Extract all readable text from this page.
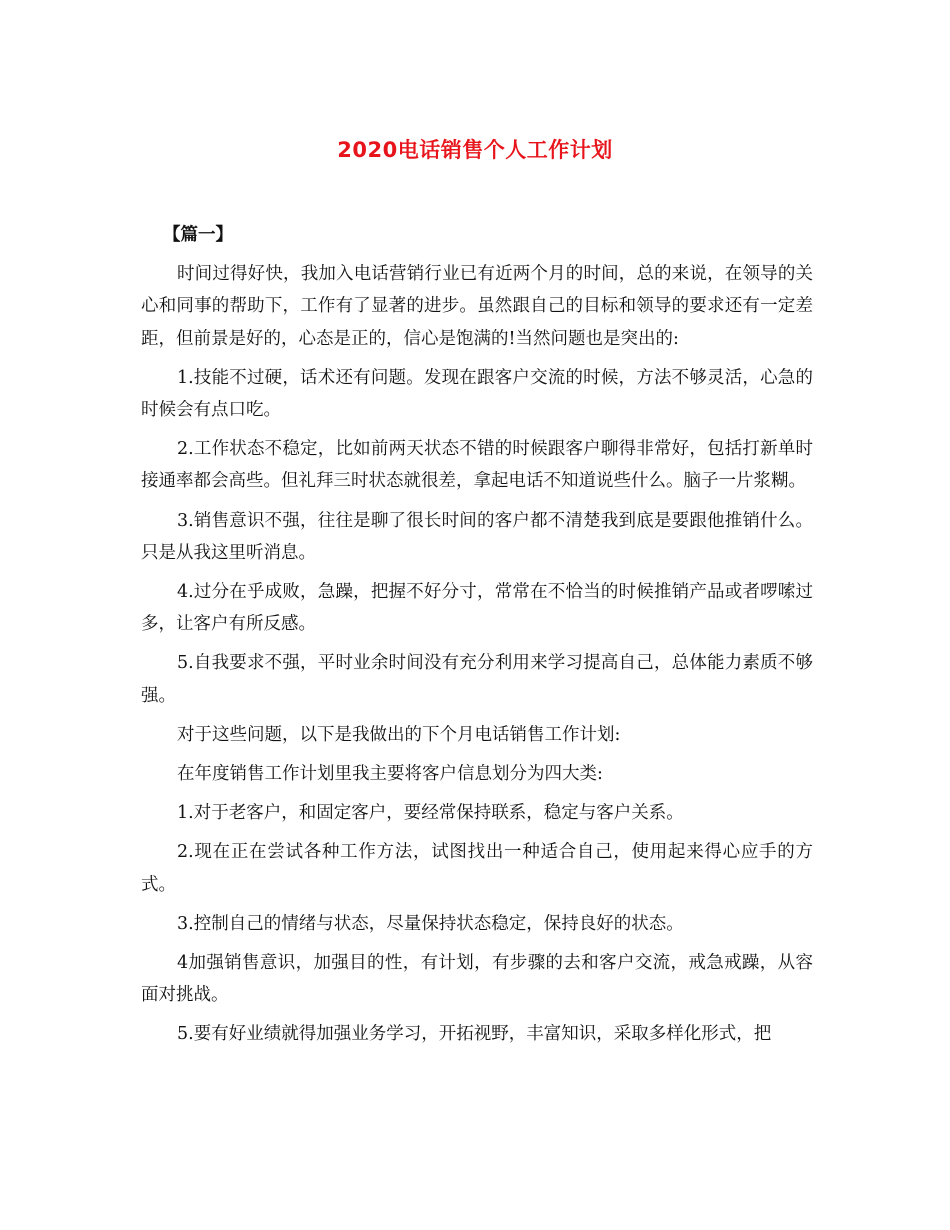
2020电话销售个人工作计划

【篇一】

时间过得好快，我加入电话营销行业已有近两个月的时间，总的来说，在领导的关心和同事的帮助下，工作有了显著的进步。虽然跟自己的目标和领导的要求还有一定差距，但前景是好的，心态是正的，信心是饱满的!当然问题也是突出的:

1.技能不过硬，话术还有问题。发现在跟客户交流的时候，方法不够灵活，心急的时候会有点口吃。

2.工作状态不稳定，比如前两天状态不错的时候跟客户聊得非常好，包括打新单时接通率都会高些。但礼拜三时状态就很差，拿起电话不知道说些什么。脑子一片浆糊。

3.销售意识不强，往往是聊了很长时间的客户都不清楚我到底是要跟他推销什么。只是从我这里听消息。

4.过分在乎成败，急躁，把握不好分寸，常常在不恰当的时候推销产品或者啰嗦过多，让客户有所反感。

5.自我要求不强，平时业余时间没有充分利用来学习提高自己，总体能力素质不够强。

对于这些问题，以下是我做出的下个月电话销售工作计划:

在年度销售工作计划里我主要将客户信息划分为四大类:

1.对于老客户，和固定客户，要经常保持联系，稳定与客户关系。

2.现在正在尝试各种工作方法，试图找出一种适合自己，使用起来得心应手的方式。

3.控制自己的情绪与状态，尽量保持状态稳定，保持良好的状态。

4加强销售意识，加强目的性，有计划，有步骤的去和客户交流，戒急戒躁，从容面对挑战。

5.要有好业绩就得加强业务学习，开拓视野，丰富知识，采取多样化形式，把
